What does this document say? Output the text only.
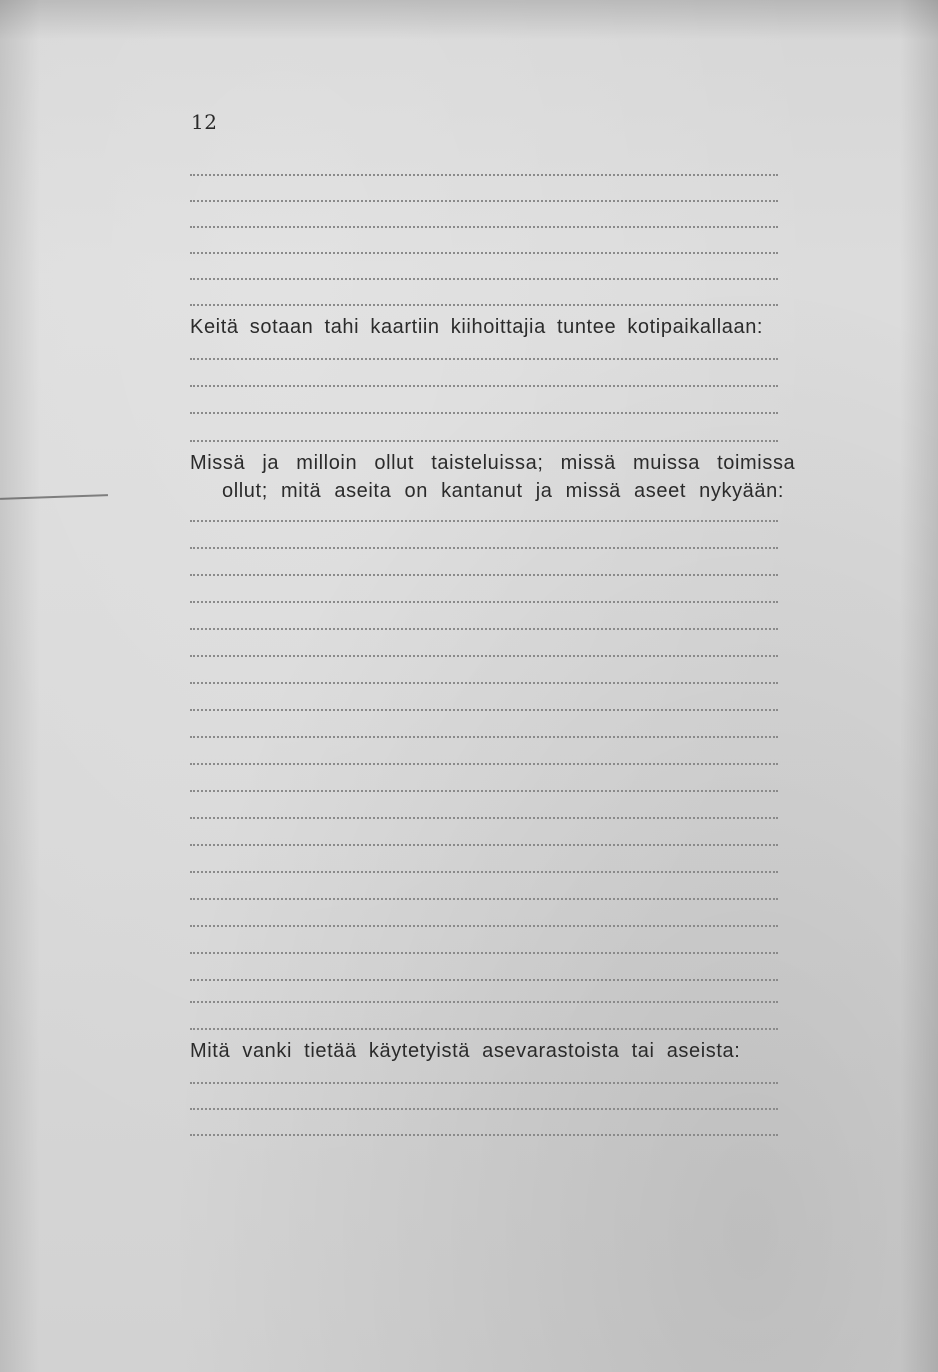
12
Keitä sotaan tahi kaartiin kiihoittajia tuntee kotipaikallaan:
Missä ja milloin ollut taisteluissa; missä muissa toimissa
ollut; mitä aseita on kantanut ja missä aseet nykyään:
Mitä vanki tietää käytetyistä asevarastoista tai aseista:
